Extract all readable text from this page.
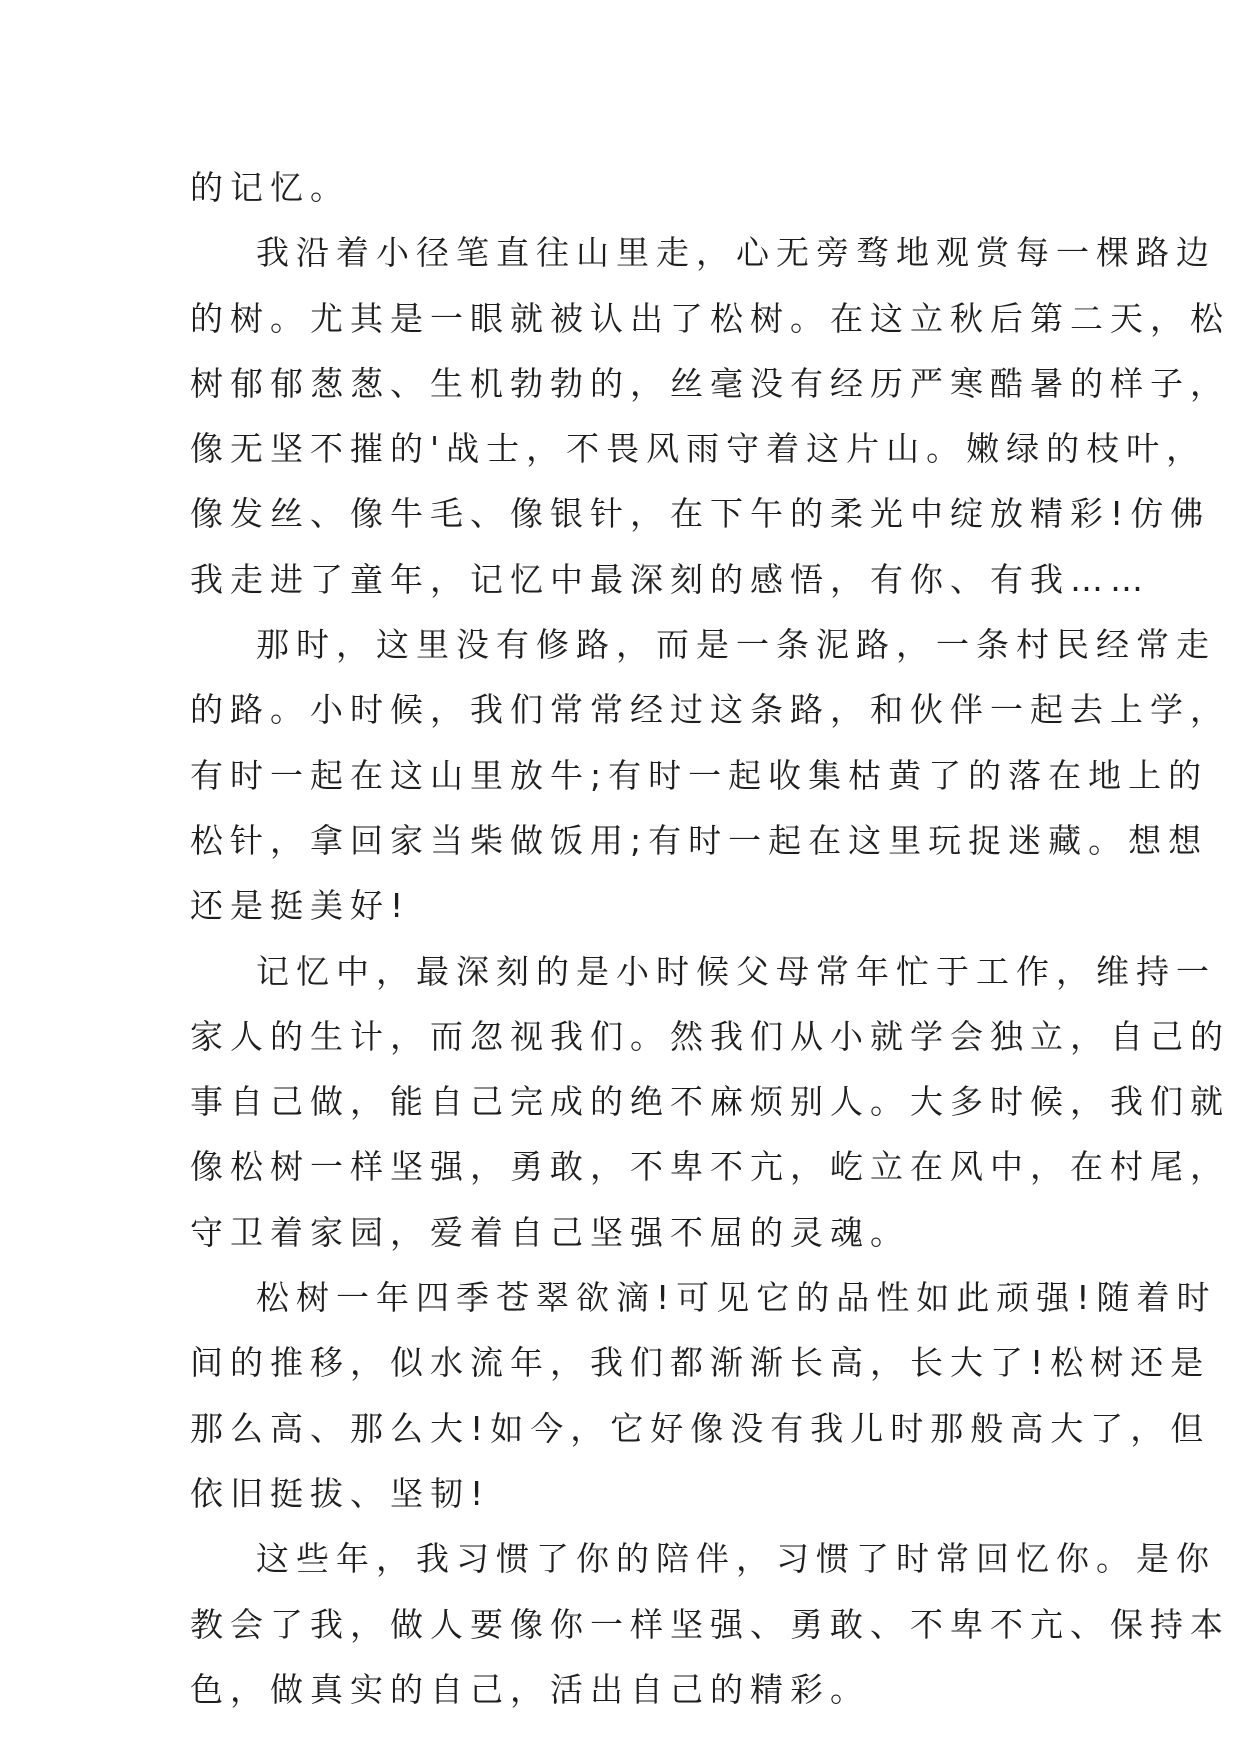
的记忆。
我沿着小径笔直往山里走，心无旁骛地观赏每一棵路边
的树。尤其是一眼就被认出了松树。在这立秋后第二天，松
树郁郁葱葱、生机勃勃的，丝毫没有经历严寒酷暑的样子，
像无坚不摧的'战士，不畏风雨守着这片山。嫩绿的枝叶，
像发丝、像牛毛、像银针，在下午的柔光中绽放精彩!仿佛
我走进了童年，记忆中最深刻的感悟，有你、有我……
那时，这里没有修路，而是一条泥路，一条村民经常走
的路。小时候，我们常常经过这条路，和伙伴一起去上学，
有时一起在这山里放牛;有时一起收集枯黄了的落在地上的
松针，拿回家当柴做饭用;有时一起在这里玩捉迷藏。想想
还是挺美好!
记忆中，最深刻的是小时候父母常年忙于工作，维持一
家人的生计，而忽视我们。然我们从小就学会独立，自己的
事自己做，能自己完成的绝不麻烦别人。大多时候，我们就
像松树一样坚强，勇敢，不卑不亢，屹立在风中，在村尾，
守卫着家园，爱着自己坚强不屈的灵魂。
松树一年四季苍翠欲滴!可见它的品性如此顽强!随着时
间的推移，似水流年，我们都渐渐长高，长大了!松树还是
那么高、那么大!如今，它好像没有我儿时那般高大了，但
依旧挺拔、坚韧!
这些年，我习惯了你的陪伴，习惯了时常回忆你。是你
教会了我，做人要像你一样坚强、勇敢、不卑不亢、保持本
色，做真实的自己，活出自己的精彩。
